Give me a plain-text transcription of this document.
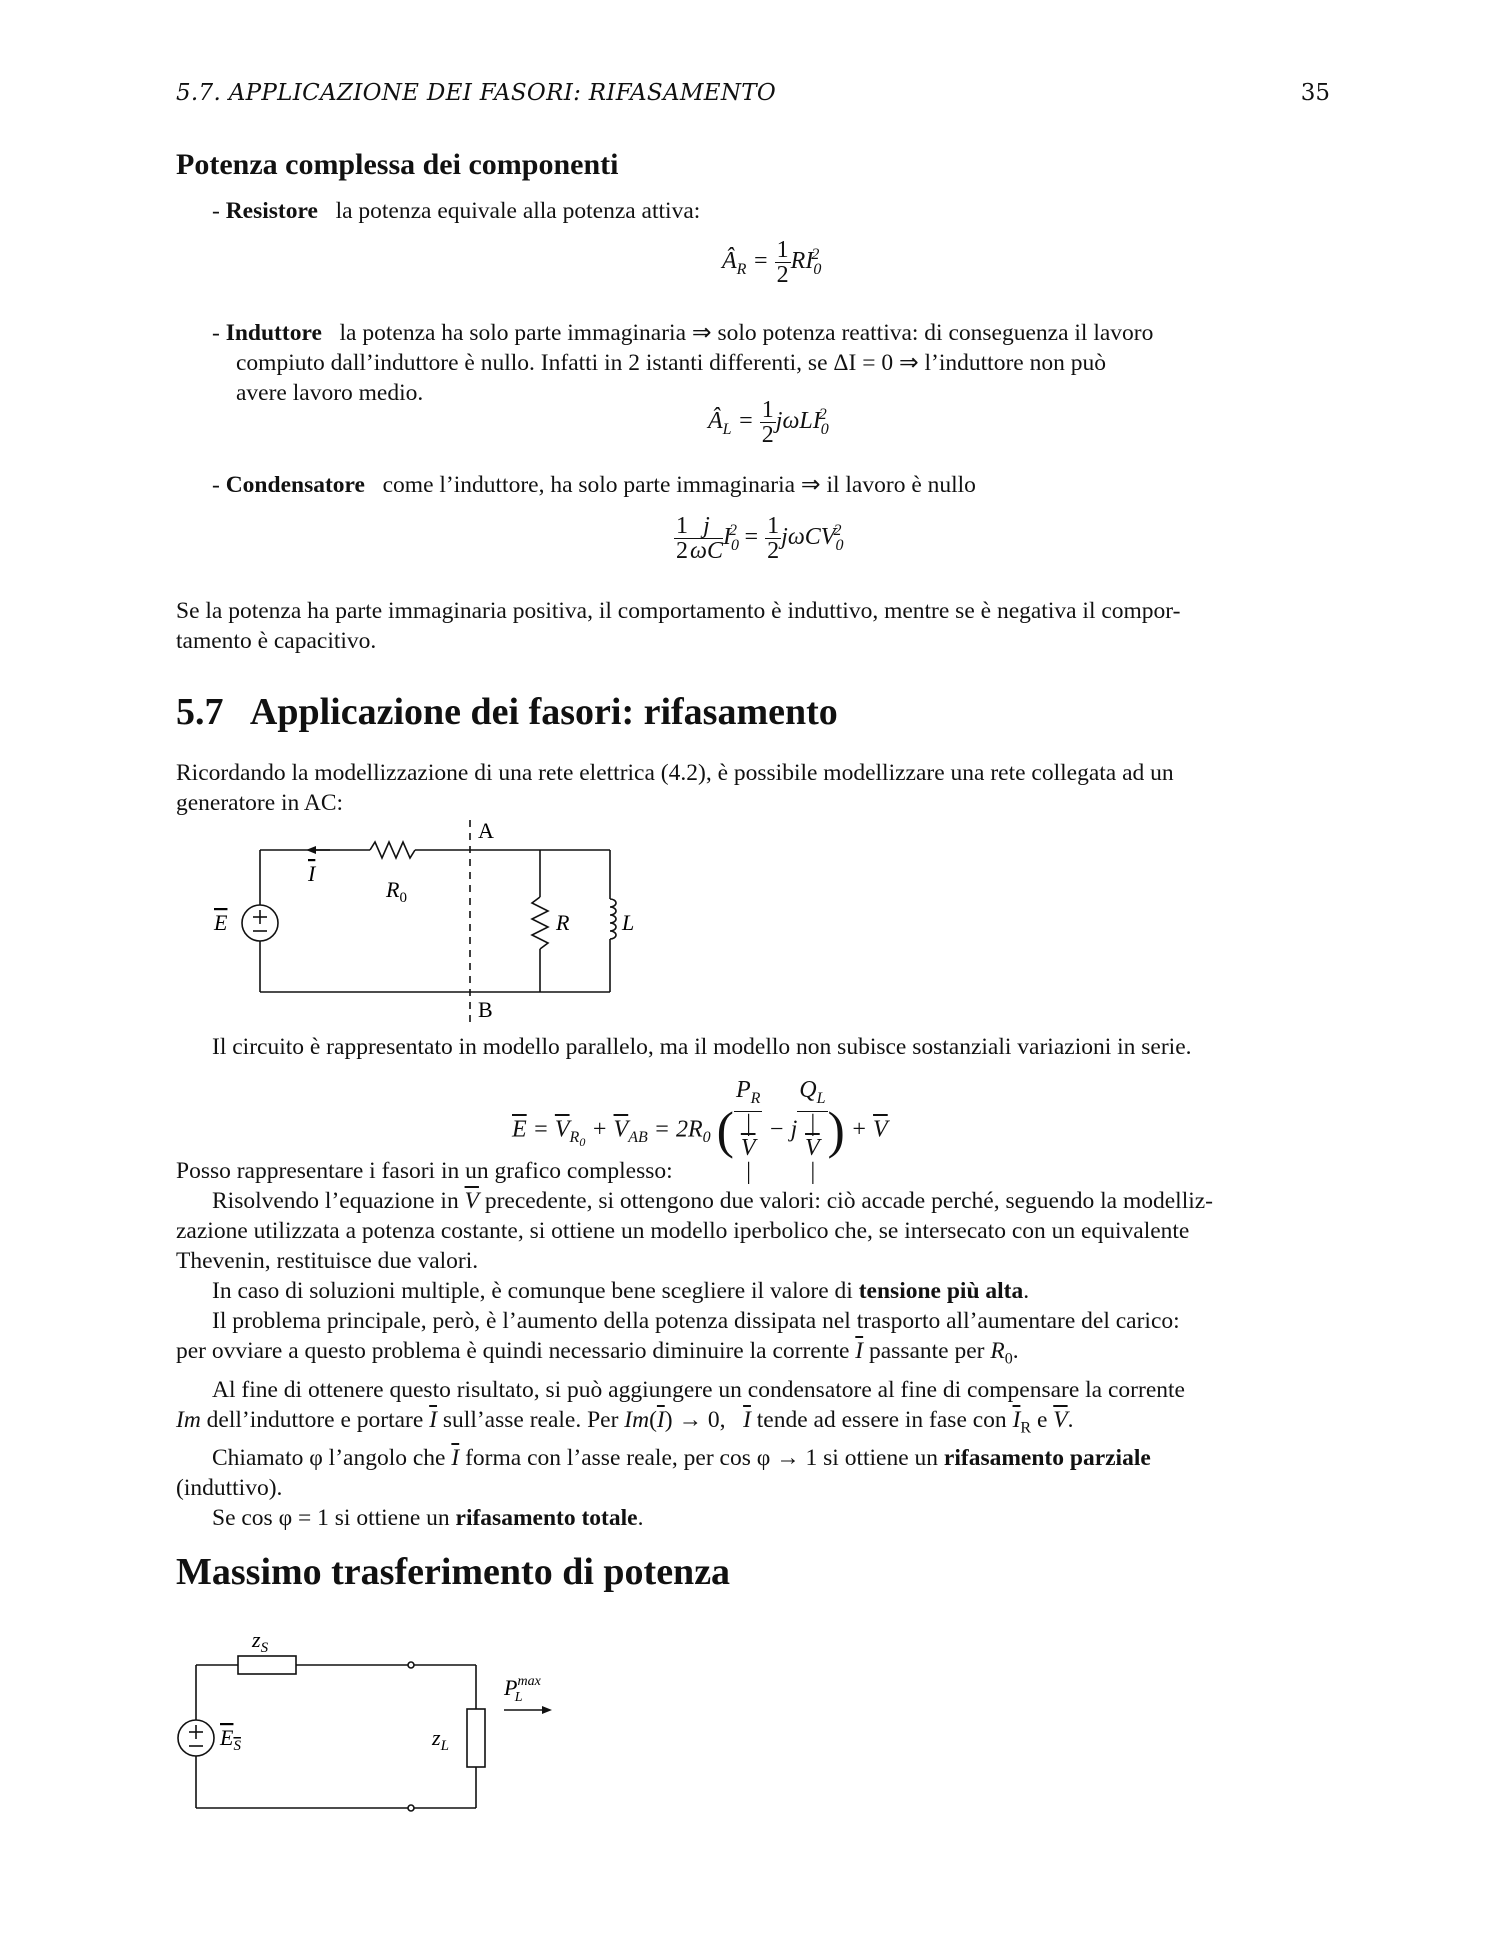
5.7. APPLICAZIONE DEI FASORI: RIFASAMENTO	35
Potenza complessa dei componenti
- Resistore la potenza equivale alla potenza attiva:
$Â_R = \frac{1}{2} RI_0^2$
- Induttore la potenza ha solo parte immaginaria ⇒ solo potenza reattiva: di conseguenza il lavoro
compiuto dall’induttore è nullo. Infatti in 2 istanti differenti, se ΔI = 0 ⇒ l’induttore non può
avere lavoro medio.
$Â_L = \frac{1}{2} j\omega LI_0^2$
- Condensatore come l’induttore, ha solo parte immaginaria ⇒ il lavoro è nullo
$\frac{1}{2} \frac{j}{\omega C} I_0^2 = \frac{1}{2} j\omega CV_0^2$
Se la potenza ha parte immaginaria positiva, il comportamento è induttivo, mentre se è negativa il compor-
tamento è capacitivo.
5.7   Applicazione dei fasori: rifasamento
Ricordando la modellizzazione di una rete elettrica (4.2), è possibile modellizzare una rete collegata ad un
generatore in AC:
A
B
E
I
$R_0$
R L
Il circuito è rappresentato in modello parallelo, ma il modello non subisce sostanziali variazioni in serie.
$\overline{E} = \overline{V}_{R_0} + \overline{V}_{AB} = 2R_0$ ( $P_R$
|
$\overline{V}$
| − j $Q_L$
|
$\overline{V}$
| ) + $\overline{V}$
Posso rappresentare i fasori in un grafico complesso:
Risolvendo l’equazione in $\overline{V}$ precedente, si ottengono due valori: ciò accade perché, seguendo la modelliz-
zazione utilizzata a potenza costante, si ottiene un modello iperbolico che, se intersecato con un equivalente
Thevenin, restituisce due valori.
In caso di soluzioni multiple, è comunque bene scegliere il valore di tensione più alta.
Il problema principale, però, è l’aumento della potenza dissipata nel trasporto all’aumentare del carico:
per ovviare a questo problema è quindi necessario diminuire la corrente $\overline{I}$ passante per $R_0$.
Al fine di ottenere questo risultato, si può aggiungere un condensatore al fine di compensare la corrente
Im dell’induttore e portare $\overline{I}$ sull’asse reale. Per $Im(\overline{I}) \to 0$,   $\overline{I}$ tende ad essere in fase con $\overline{I}_R$ e $\overline{V}$.
Chiamato φ l’angolo che $\overline{I}$ forma con l’asse reale, per cos φ → 1 si ottiene un rifasamento parziale
(induttivo).
Se cos φ = 1 si ottiene un rifasamento totale.
Massimo trasferimento di potenza
$z_S$
$E_S$	$z_L$
$P^{max}$ L
